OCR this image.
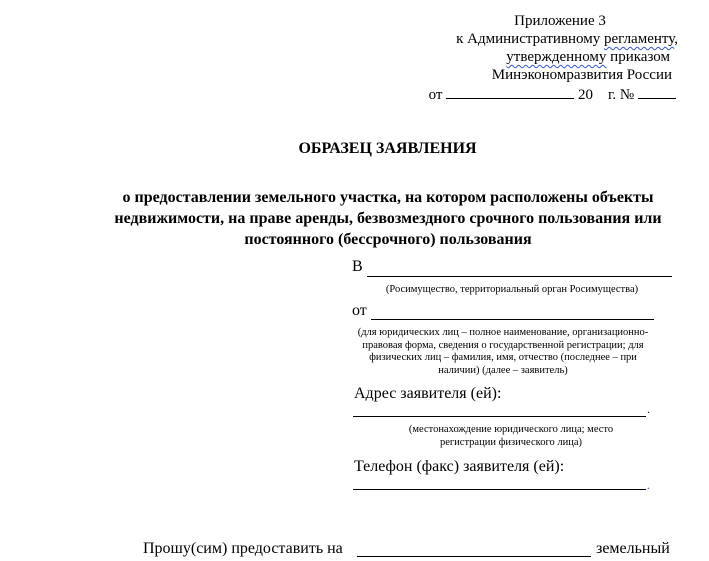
Приложение 3
к Административному регламенту,
утвержденному приказом
Минэкономразвития России
от	20 г. №
ОБРАЗЕЦ ЗАЯВЛЕНИЯ
о предоставлении земельного участка, на котором расположены объекты недвижимости, на праве аренды, безвозмездного срочного пользования или постоянного (бессрочного) пользования
В
(Росимущество, территориальный орган Росимущества)
от
(для юридических лиц – полное наименование, организационно-правовая форма, сведения о государственной регистрации; для физических лиц – фамилия, имя, отчество (последнее – при наличии) (далее – заявитель)
Адрес заявителя (ей):
.
(местонахождение юридического лица; место регистрации физического лица)
Телефон (факс) заявителя (ей):
.
Прошу(сим) предоставить на	земельный
